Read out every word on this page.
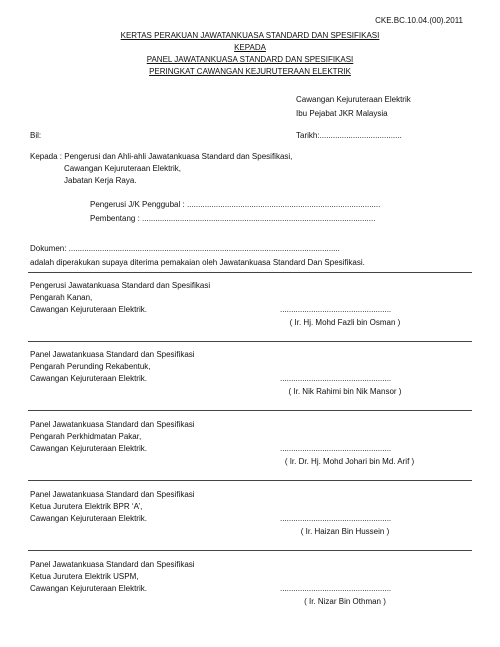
CKE.BC.10.04.(00).2011
KERTAS PERAKUAN JAWATANKUASA STANDARD DAN SPESIFIKASI
KEPADA
PANEL JAWATANKUASA STANDARD DAN SPESIFIKASI
PERINGKAT CAWANGAN KEJURUTERAAN ELEKTRIK
Cawangan Kejuruteraan Elektrik
Ibu Pejabat JKR Malaysia
Bil:	Tarikh:.....................................
Kepada : Pengerusi dan Ahli-ahli Jawatankuasa Standard dan Spesifikasi,
Cawangan Kejuruteraan Elektrik,
Jabatan Kerja Raya.
Pengerusi J/K Penggubal : .......................................................................................
Pembentang : .........................................................................................................
Dokumen: ..........................................................................................................................
adalah diperakukan supaya diterima pemakaian oleh Jawatankuasa Standard Dan Spesifikasi.
Pengerusi Jawatankuasa Standard dan Spesifikasi
Pengarah Kanan,
Cawangan Kejuruteraan Elektrik.	..................................................
( Ir. Hj. Mohd Fazli bin Osman )
Panel Jawatankuasa Standard dan Spesifikasi
Pengarah Perunding Rekabentuk,
Cawangan Kejuruteraan Elektrik.	..................................................
( Ir. Nik Rahimi bin Nik Mansor )
Panel Jawatankuasa Standard dan Spesifikasi
Pengarah Perkhidmatan Pakar,
Cawangan Kejuruteraan Elektrik.	..................................................
( Ir. Dr. Hj. Mohd Johari bin Md. Arif )
Panel Jawatankuasa Standard dan Spesifikasi
Ketua Jurutera Elektrik BPR ‘A’,
Cawangan Kejuruteraan Elektrik.	..................................................
( Ir. Haizan Bin Hussein )
Panel Jawatankuasa Standard dan Spesifikasi
Ketua Jurutera Elektrik USPM,
Cawangan Kejuruteraan Elektrik.	..................................................
( Ir. Nizar Bin Othman )
